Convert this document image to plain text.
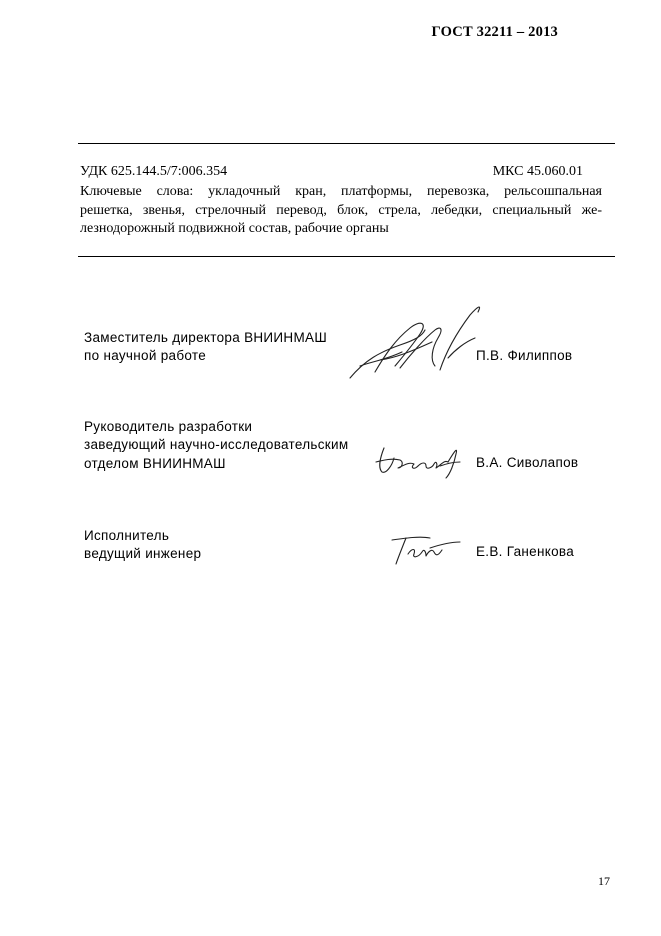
ГОСТ 32211 – 2013
УДК 625.144.5/7:006.354	МКС 45.060.01
Ключевые слова: укладочный кран, платформы, перевозка, рельсошпальная
решетка, звенья, стрелочный перевод, блок, стрела, лебедки, специальный же-
лезнодорожный подвижной состав, рабочие органы
Заместитель директора ВНИИНМАШ
по научной работе	П.В. Филиппов
Руководитель разработки
заведующий научно-исследовательским
отделом ВНИИНМАШ	В.А. Сиволапов
Исполнитель
ведущий инженер	Е.В. Ганенкова
17
